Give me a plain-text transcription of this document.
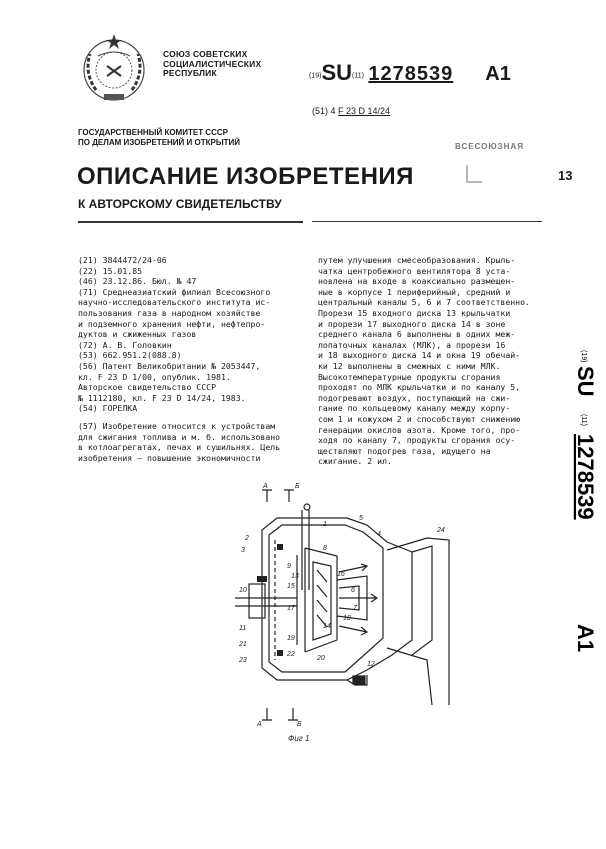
СОЮЗ СОВЕТСКИХ
СОЦИАЛИСТИЧЕСКИХ
РЕСПУБЛИК	(19)SU(11) 1278539 A1
(51) 4 F 23 D 14/24
ГОСУДАРСТВЕННЫЙ КОМИТЕТ СССР
ПО ДЕЛАМ ИЗОБРЕТЕНИЙ И ОТКРЫТИЙ	ВСЕСОЮЗНАЯ
13
ОПИСАНИЕ ИЗОБРЕТЕНИЯ
К АВТОРСКОМУ СВИДЕТЕЛЬСТВУ
(21) 3844472/24-06
(22) 15.01.85
(46) 23.12.86. Бюл. № 47
(71) Среднеазиатский филиал Всесоюзного
научно-исследовательского института ис-
пользования газа в народном хозяйстве
и подземного хранения нефти, нефтепро-
дуктов и сжиженных газов
(72) А. В. Головкин
(53) 662.951.2(088.8)
(56) Патент Великобритании № 2053447,
кл. F 23 D 1/00, опублик. 1981.
Авторское свидетельство СССР
№ 1112180, кл. F 23 D 14/24, 1983.
(54) ГОРЕЛКА
(57) Изобретение относится к устройствам
для сжигания топлива и м. б. использовано
в котлоагрегатах, печах и сушильнях. Цель
изобретения — повышение экономичности
путем улучшения смесеобразования. Крыль-
чатка центробежного вентилятора 8 уста-
новлена на входе в коаксиально размещен-
ные в корпусе 1 периферийный, средний и
центральный каналы 5, 6 и 7 соответственно.
Прорези 15 входного диска 13 крыльчатки
и прорези 17 выходного диска 14 в зоне
среднего канала 6 выполнены в одних меж-
лопаточных каналах (МЛК), а прорези 16
и 18 выходного диска 14 и окна 19 обечай-
ки 12 выполнены в смежных с ними МЛК.
Высокотемпературные продукты сгорания
проходят по МЛК крыльчатки и по каналу 5,
подогревают воздух, поступающий на сжи-
гание по кольцевому каналу между корпу-
сом 1 и кожухом 2 и способствуют снижению
генерации окислов азота. Кроме того, про-
ходя по каналу 7, продукты сгорания осу-
ществляют подогрев газа, идущего на
сжигание. 2 ил.
(19)
SU
(11)
1278539
A1
А	Б
А	Б
1
5
2
3
4
6
7
8
9
10
11
12
13
14
15
16
17
18
19
20
21
22
23
24
Фиг 1
